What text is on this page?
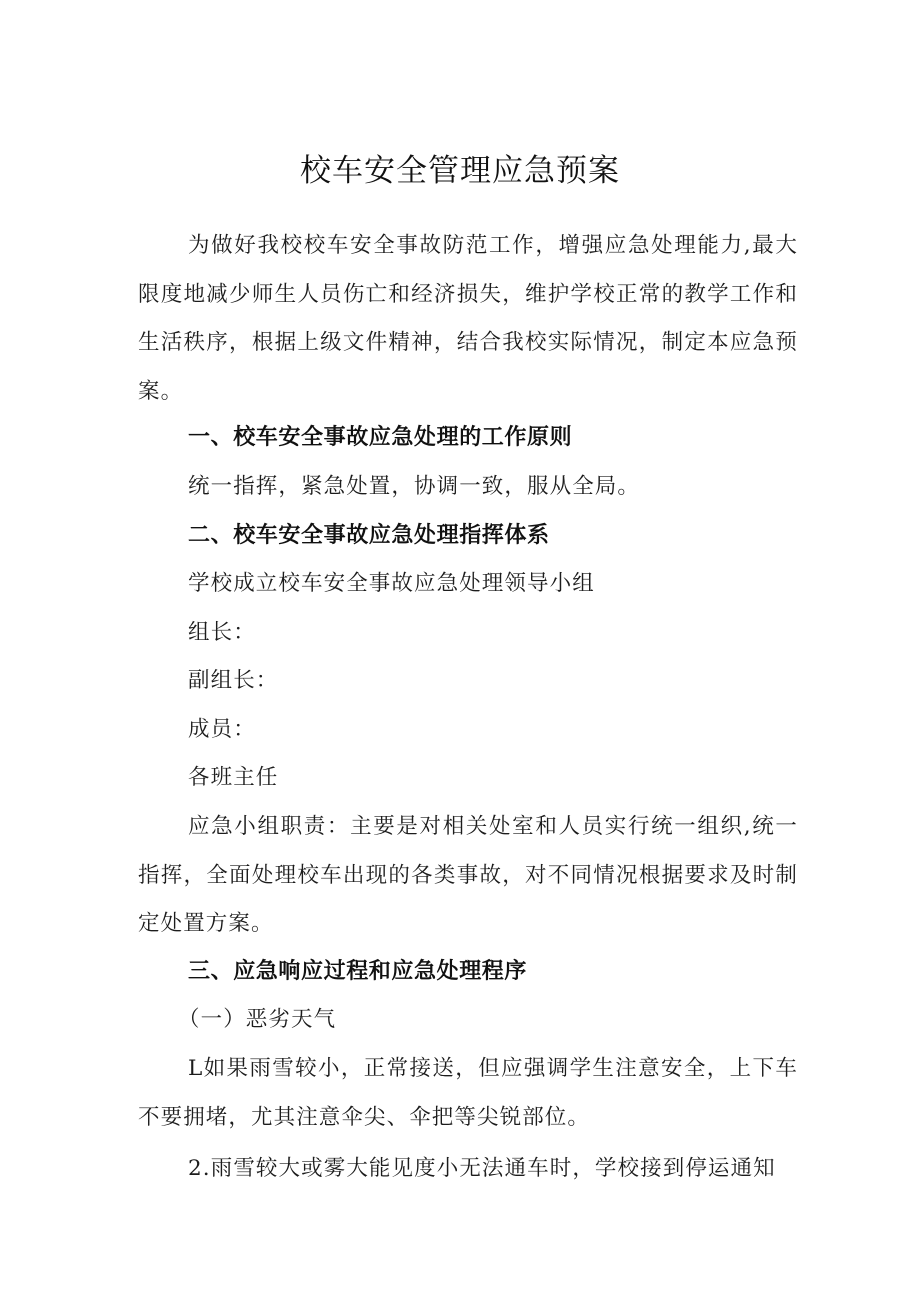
校车安全管理应急预案
为做好我校校车安全事故防范工作，增强应急处理能力,最大限度地减少师生人员伤亡和经济损失，维护学校正常的教学工作和生活秩序，根据上级文件精神，结合我校实际情况，制定本应急预案。
一、校车安全事故应急处理的工作原则
统一指挥，紧急处置，协调一致，服从全局。
二、校车安全事故应急处理指挥体系
学校成立校车安全事故应急处理领导小组
组长：
副组长：
成员：
各班主任
应急小组职责：主要是对相关处室和人员实行统一组织,统一指挥，全面处理校车出现的各类事故，对不同情况根据要求及时制定处置方案。
三、应急响应过程和应急处理程序
（一）恶劣天气
L如果雨雪较小，正常接送，但应强调学生注意安全，上下车不要拥堵，尤其注意伞尖、伞把等尖锐部位。
2.雨雪较大或雾大能见度小无法通车时，学校接到停运通知
